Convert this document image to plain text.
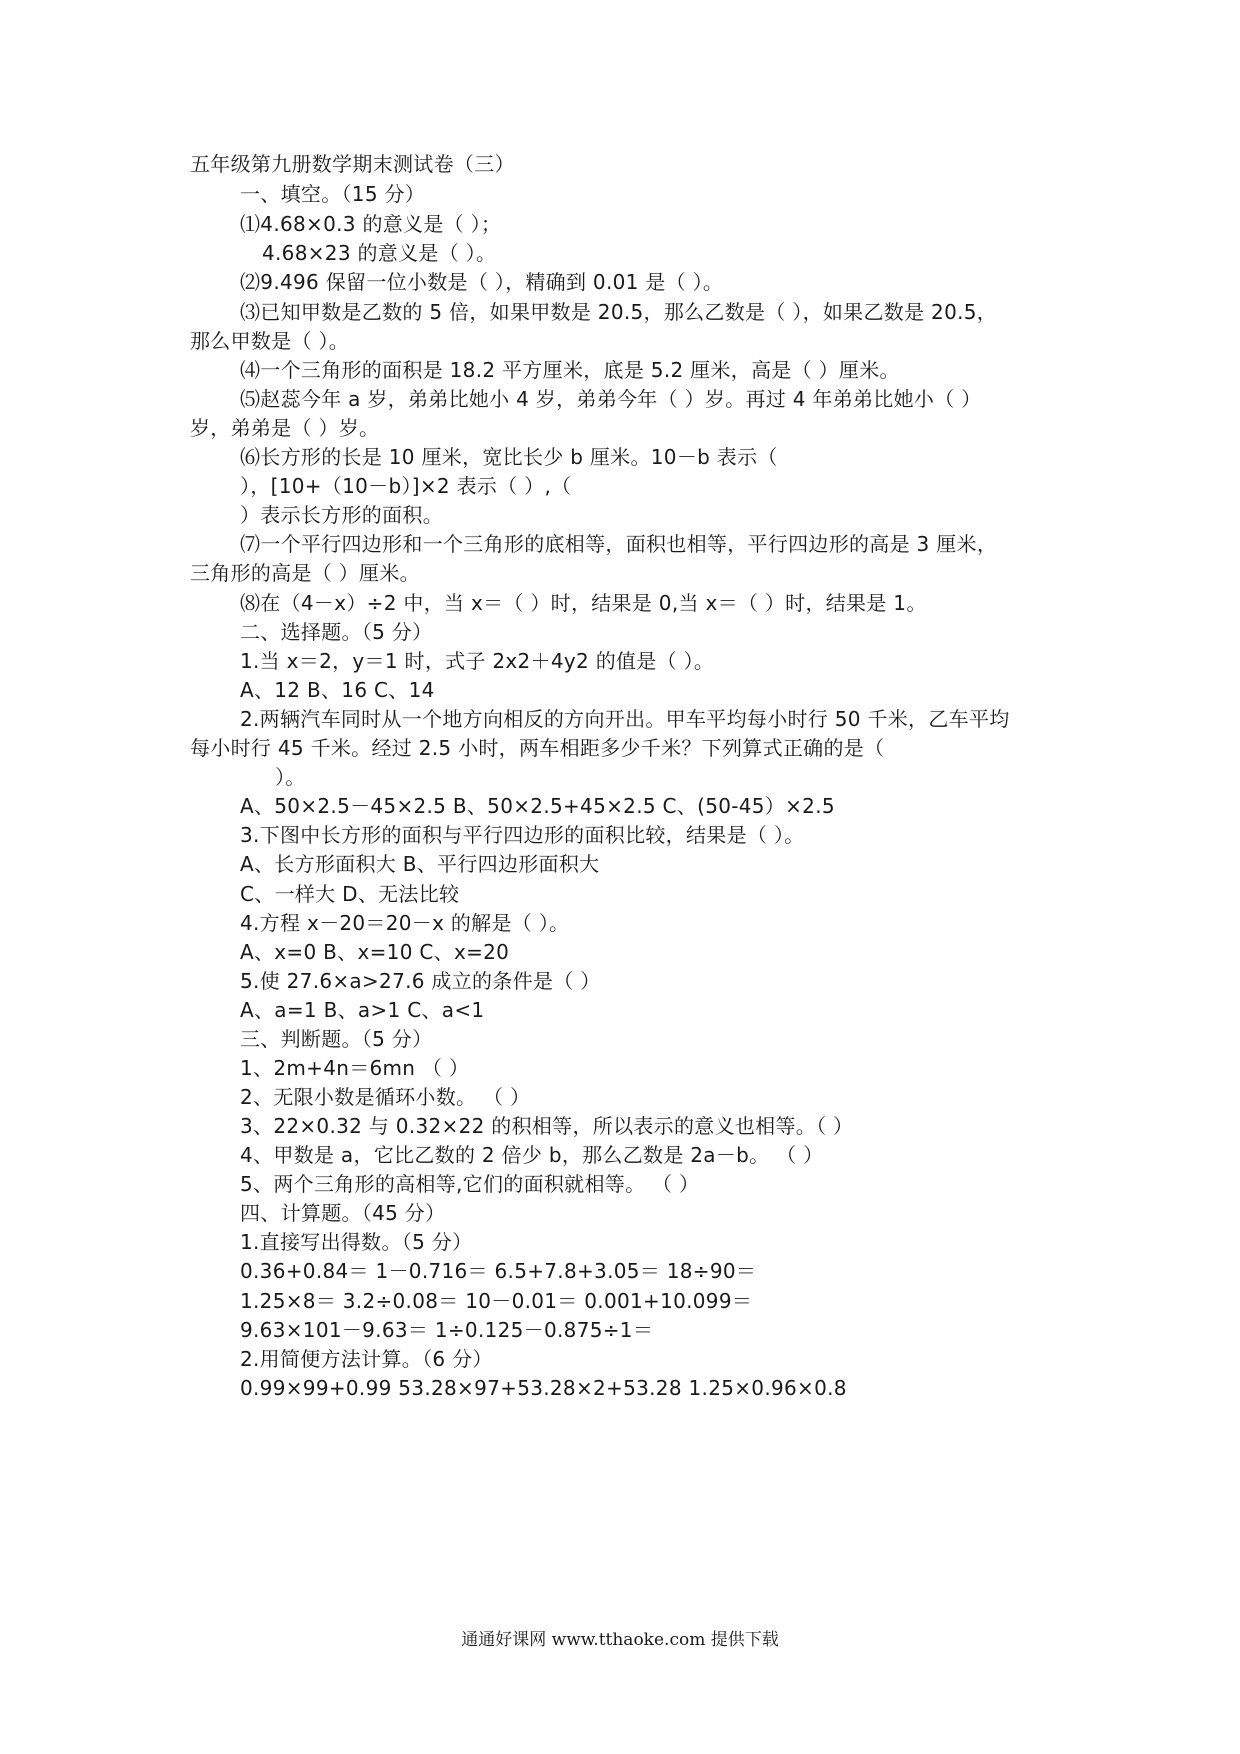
五年级第九册数学期末测试卷（三）
一、填空。（15 分）
⑴4.68×0.3 的意义是（ ）；
4.68×23 的意义是（ ）。
⑵9.496 保留一位小数是（ ），精确到 0.01 是（ ）。
⑶已知甲数是乙数的 5 倍，如果甲数是 20.5，那么乙数是（ ），如果乙数是 20.5，
那么甲数是（ ）。
⑷一个三角形的面积是 18.2 平方厘米，底是 5.2 厘米，高是（ ）厘米。
⑸赵蕊今年 a 岁，弟弟比她小 4 岁，弟弟今年（ ）岁。再过 4 年弟弟比她小（ ）
岁，弟弟是（ ）岁。
⑹长方形的长是 10 厘米，宽比长少 b 厘米。10－b 表示（
），[10+（10－b）]×2 表示（ ）,（
）表示长方形的面积。
⑺一个平行四边形和一个三角形的底相等，面积也相等，平行四边形的高是 3 厘米，
三角形的高是（ ）厘米。
⑻在（4－x）÷2 中，当 x＝（ ）时，结果是 0,当 x＝（ ）时，结果是 1。
二、选择题。（5 分）
1.当 x＝2，y＝1 时，式子 2x2＋4y2 的值是（ ）。
A、12 B、16 C、14
2.两辆汽车同时从一个地方向相反的方向开出。甲车平均每小时行 50 千米，乙车平均
每小时行 45 千米。经过 2.5 小时，两车相距多少千米？下列算式正确的是（
）。
A、50×2.5－45×2.5 B、50×2.5+45×2.5 C、(50-45）×2.5
3.下图中长方形的面积与平行四边形的面积比较，结果是（ ）。
A、长方形面积大 B、平行四边形面积大
C、一样大 D、无法比较
4.方程 x－20＝20－x 的解是（ ）。
A、x=0 B、x=10 C、x=20
5.使 27.6×a>27.6 成立的条件是（ ）
A、a=1 B、a>1 C、a<1
三、判断题。（5 分）
1、2m+4n＝6mn （ ）
2、无限小数是循环小数。 （ ）
3、22×0.32 与 0.32×22 的积相等，所以表示的意义也相等。（ ）
4、甲数是 a，它比乙数的 2 倍少 b，那么乙数是 2a－b。 （ ）
5、两个三角形的高相等,它们的面积就相等。 （ ）
四、计算题。（45 分）
1.直接写出得数。（5 分）
0.36+0.84＝ 1－0.716＝ 6.5+7.8+3.05＝ 18÷90＝
1.25×8＝ 3.2÷0.08＝ 10－0.01＝ 0.001+10.099＝
9.63×101－9.63＝ 1÷0.125－0.875÷1＝
2.用简便方法计算。（6 分）
0.99×99+0.99 53.28×97+53.28×2+53.28 1.25×0.96×0.8
通通好课网 www.tthaoke.com 提供下载
